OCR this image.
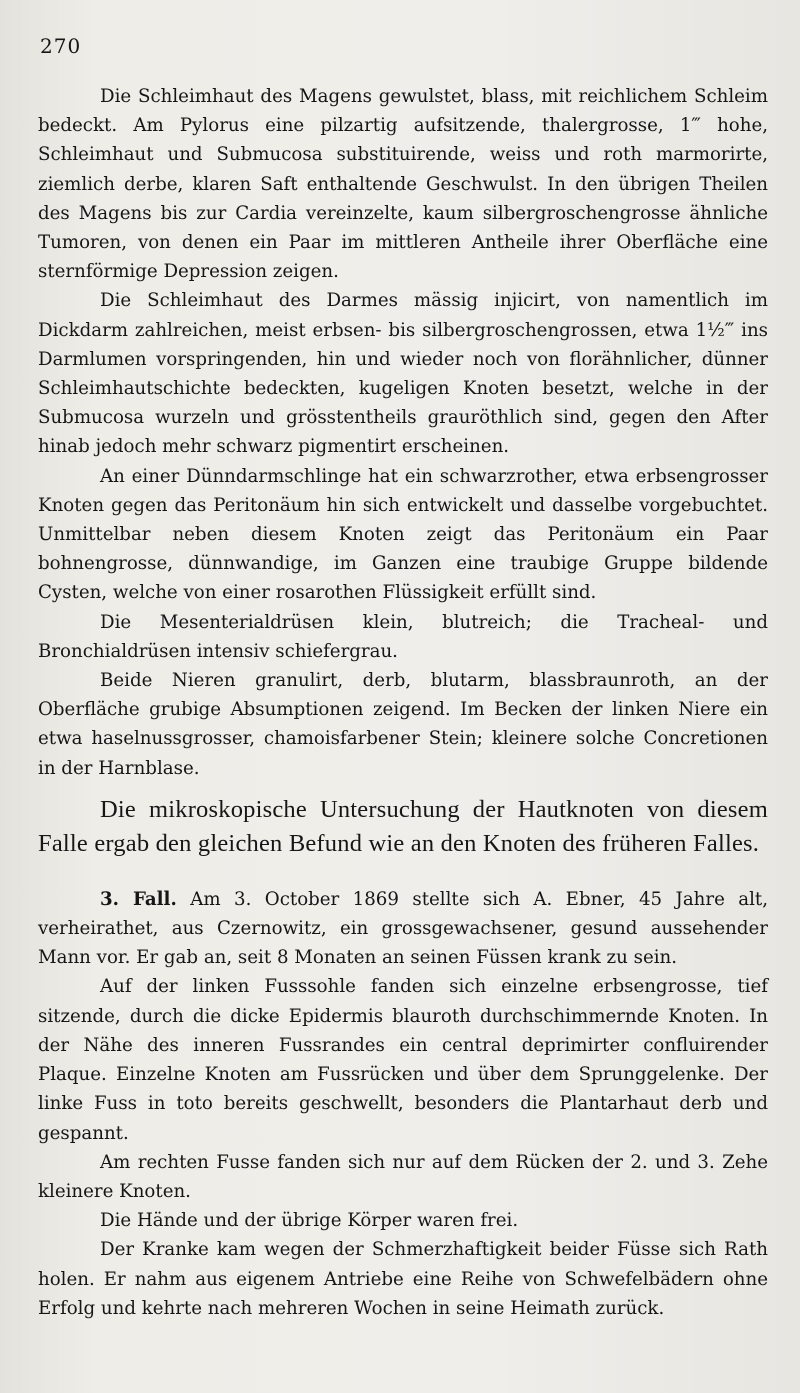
270

Die Schleimhaut des Magens gewulstet, blass, mit reichlichem Schleim bedeckt. Am Pylorus eine pilzartig aufsitzende, thalergrosse, 1‴ hohe, Schleimhaut und Submucosa substituirende, weiss und roth marmorirte, ziemlich derbe, klaren Saft enthaltende Geschwulst. In den übrigen Theilen des Magens bis zur Cardia vereinzelte, kaum silbergroschengrosse ähnliche Tumoren, von denen ein Paar im mittleren Antheile ihrer Oberfläche eine sternförmige Depression zeigen.

Die Schleimhaut des Darmes mässig injicirt, von namentlich im Dickdarm zahlreichen, meist erbsen- bis silbergroschengrossen, etwa 1½‴ ins Darmlumen vorspringenden, hin und wieder noch von florähnlicher, dünner Schleimhautschichte bedeckten, kugeligen Knoten besetzt, welche in der Submucosa wurzeln und grösstentheils grauröthlich sind, gegen den After hinab jedoch mehr schwarz pigmentirt erscheinen.

An einer Dünndarmschlinge hat ein schwarzrother, etwa erbsengrosser Knoten gegen das Peritonäum hin sich entwickelt und dasselbe vorgebuchtet. Unmittelbar neben diesem Knoten zeigt das Peritonäum ein Paar bohnengrosse, dünnwandige, im Ganzen eine traubige Gruppe bildende Cysten, welche von einer rosarothen Flüssigkeit erfüllt sind.

Die Mesenterialdrüsen klein, blutreich; die Tracheal- und Bronchialdrüsen intensiv schiefergrau.

Beide Nieren granulirt, derb, blutarm, blassbraunroth, an der Oberfläche grubige Absumptionen zeigend. Im Becken der linken Niere ein etwa haselnussgrosser, chamoisfarbener Stein; kleinere solche Concretionen in der Harnblase.

Die mikroskopische Untersuchung der Hautknoten von diesem Falle ergab den gleichen Befund wie an den Knoten des früheren Falles.

3. Fall. Am 3. October 1869 stellte sich A. Ebner, 45 Jahre alt, verheirathet, aus Czernowitz, ein grossgewachsener, gesund aussehender Mann vor. Er gab an, seit 8 Monaten an seinen Füssen krank zu sein.

Auf der linken Fusssohle fanden sich einzelne erbsengrosse, tief sitzende, durch die dicke Epidermis blauroth durchschimmernde Knoten. In der Nähe des inneren Fussrandes ein central deprimirter confluirender Plaque. Einzelne Knoten am Fussrücken und über dem Sprunggelenke. Der linke Fuss in toto bereits geschwellt, besonders die Plantarhaut derb und gespannt.

Am rechten Fusse fanden sich nur auf dem Rücken der 2. und 3. Zehe kleinere Knoten.

Die Hände und der übrige Körper waren frei.

Der Kranke kam wegen der Schmerzhaftigkeit beider Füsse sich Rath holen. Er nahm aus eigenem Antriebe eine Reihe von Schwefelbädern ohne Erfolg und kehrte nach mehreren Wochen in seine Heimath zurück.
